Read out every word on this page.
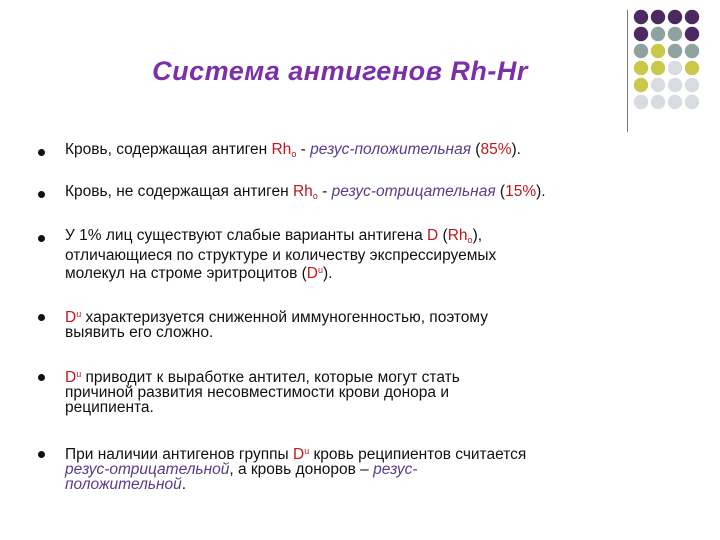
Система антигенов Rh-Hr
Кровь, содержащая антиген $Rh_o$ - резус-положительная (85%).
Кровь, не содержащая антиген $Rh_o$ - резус-отрицательная (15%).
У 1% лиц существуют слабые варианты антигена D $(Rh_o)$,
отличающиеся по структуре и количеству экспрессируемых
молекул на строме эритроцитов $(D^u)$.
$D^u$ характеризуется сниженной иммуногенностью, поэтому
выявить его сложно.
$D^u$ приводит к выработке антител, которые могут стать
причиной развития несовместимости крови донора и
реципиента.
При наличии антигенов группы $D^u$ кровь реципиентов считается
резус-отрицательной, а кровь доноров – резус-
положительной.
